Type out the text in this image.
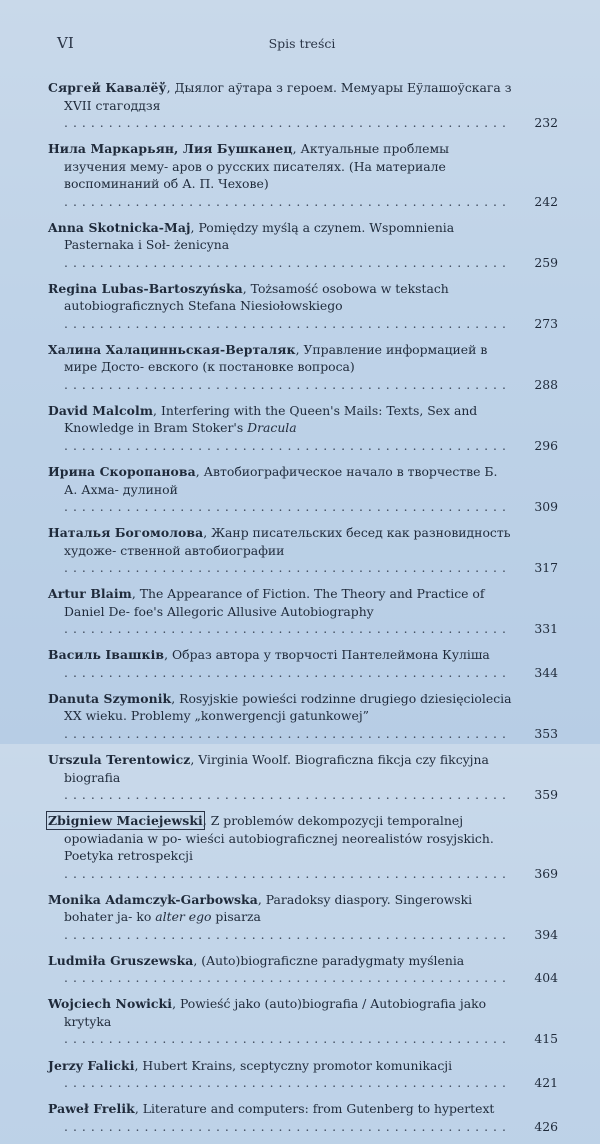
VI	Spis treści
Сяргей Кавалёў, Дыялог аўтара з героем. Мемуары Еўлашоўскага з XVII стагоддзя .................................................. 232
Нила Маркарьян, Лия Бушканец, Актуальные проблемы изучения мему- аров о русских писателях. (На материале воспоминаний об А. П. Чехове) .................................................. 242
Anna Skotnicka-Maj, Pomiędzy myślą a czynem. Wspomnienia Pasternaka i Soł- żenicyna .................................................. 259
Regina Lubas-Bartoszyńska, Tożsamość osobowa w tekstach autobiograficznych Stefana Niesiołowskiego .................................................. 273
Халина Халацинньская-Верталяк, Управление информацией в мире Досто- евского (к постановке вопроса) .................................................. 288
David Malcolm, Interfering with the Queen's Mails: Texts, Sex and Knowledge in Bram Stoker's Dracula .................................................. 296
Ирина Скоропанова, Автобиографическое начало в творчестве Б. А. Ахма- дулиной .................................................. 309
Наталья Богомолова, Жанр писательских бесед как разновидность художе- ственной автобиографии .................................................. 317
Artur Blaim, The Appearance of Fiction. The Theory and Practice of Daniel De- foe's Allegoric Allusive Autobiography .................................................. 331
Василь Івашків, Образ автора у творчості Пантелеймона Куліша .................................................. 344
Danuta Szymonik, Rosyjskie powieści rodzinne drugiego dziesięciolecia XX wieku. Problemy „konwergencji gatunkowej” .................................................. 353
Urszula Terentowicz, Virginia Woolf. Biograficzna fikcja czy fikcyjna biografia .................................................. 359
Zbigniew Maciejewski, Z problemów dekompozycji temporalnej opowiadania w po- wieści autobiograficznej neorealistów rosyjskich. Poetyka retrospekcji .................................................. 369
Monika Adamczyk-Garbowska, Paradoksy diaspory. Singerowski bohater ja- ko alter ego pisarza .................................................. 394
Ludmiła Gruszewska, (Auto)biograficzne paradygmaty myślenia .................................................. 404
Wojciech Nowicki, Powieść jako (auto)biografia / Autobiografia jako krytyka .................................................. 415
Jerzy Falicki, Hubert Krains, sceptyczny promotor komunikacji .................................................. 421
Paweł Frelik, Literature and computers: from Gutenberg to hypertext .................................................. 426
